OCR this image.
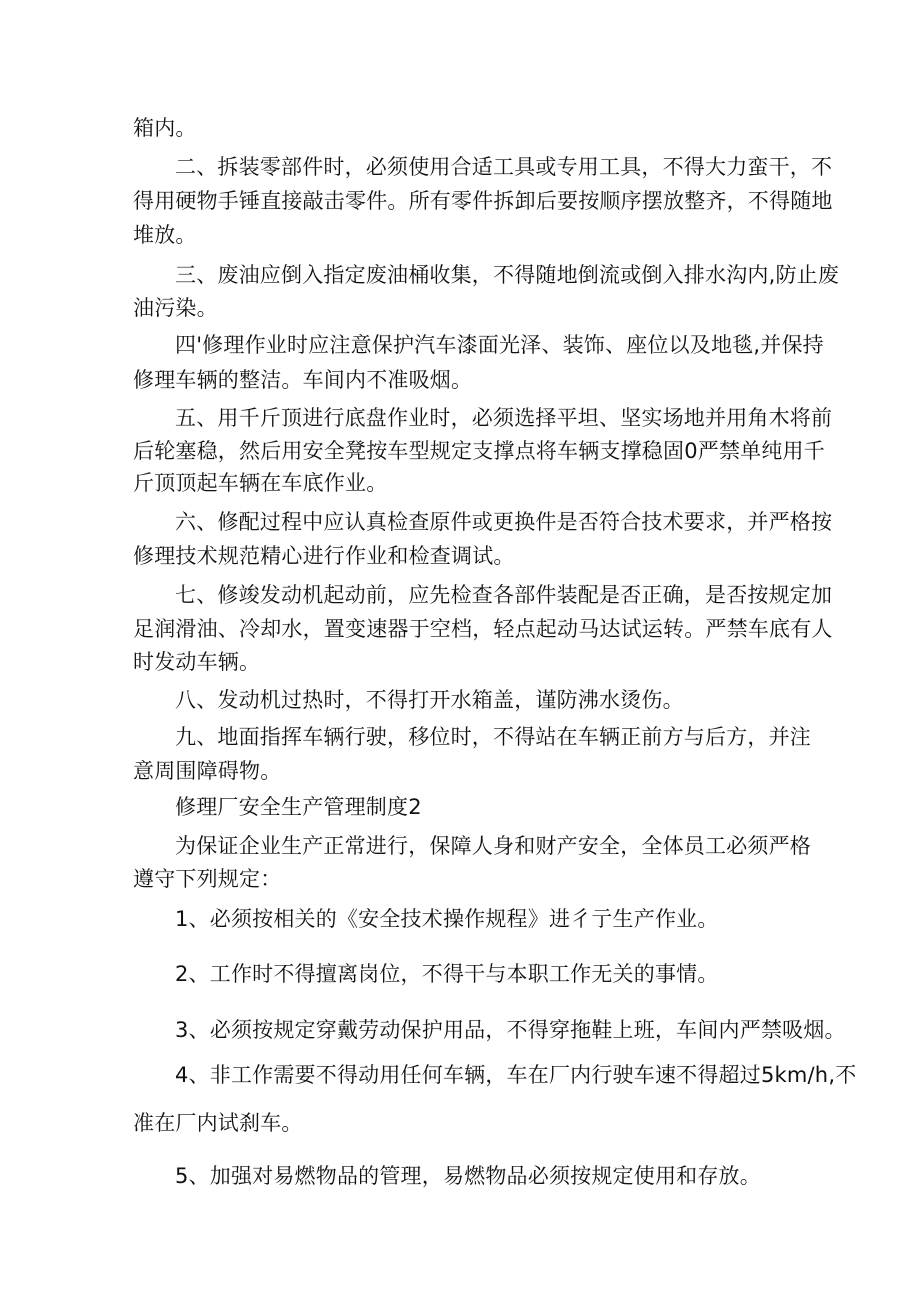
箱内。

二、拆装零部件时，必须使用合适工具或专用工具，不得大力蛮干，不

得用硬物手锤直接敲击零件。所有零件拆卸后要按顺序摆放整齐，不得随地

堆放。

三、废油应倒入指定废油桶收集，不得随地倒流或倒入排水沟内,防止废

油污染。

四'修理作业时应注意保护汽车漆面光泽、装饰、座位以及地毯,并保持

修理车辆的整洁。车间内不准吸烟。

五、用千斤顶进行底盘作业时，必须选择平坦、坚实场地并用角木将前

后轮塞稳，然后用安全凳按车型规定支撑点将车辆支撑稳固0严禁单纯用千

斤顶顶起车辆在车底作业。

六、修配过程中应认真检查原件或更换件是否符合技术要求，并严格按

修理技术规范精心进行作业和检查调试。

七、修竣发动机起动前，应先检查各部件装配是否正确，是否按规定加

足润滑油、冷却水，置变速器于空档，轻点起动马达试运转。严禁车底有人

时发动车辆。

八、发动机过热时，不得打开水箱盖，谨防沸水烫伤。

九、地面指挥车辆行驶，移位时，不得站在车辆正前方与后方，并注

意周围障碍物。

修理厂安全生产管理制度2

为保证企业生产正常进行，保障人身和财产安全，全体员工必须严格

遵守下列规定：

1、必须按相关的《安全技术操作规程》进彳亍生产作业。

2、工作时不得擅离岗位，不得干与本职工作无关的事情。

3、必须按规定穿戴劳动保护用品，不得穿拖鞋上班，车间内严禁吸烟。

4、非工作需要不得动用任何车辆，车在厂内行驶车速不得超过5km∕h,不

准在厂内试刹车。

5、加强对易燃物品的管理，易燃物品必须按规定使用和存放。
